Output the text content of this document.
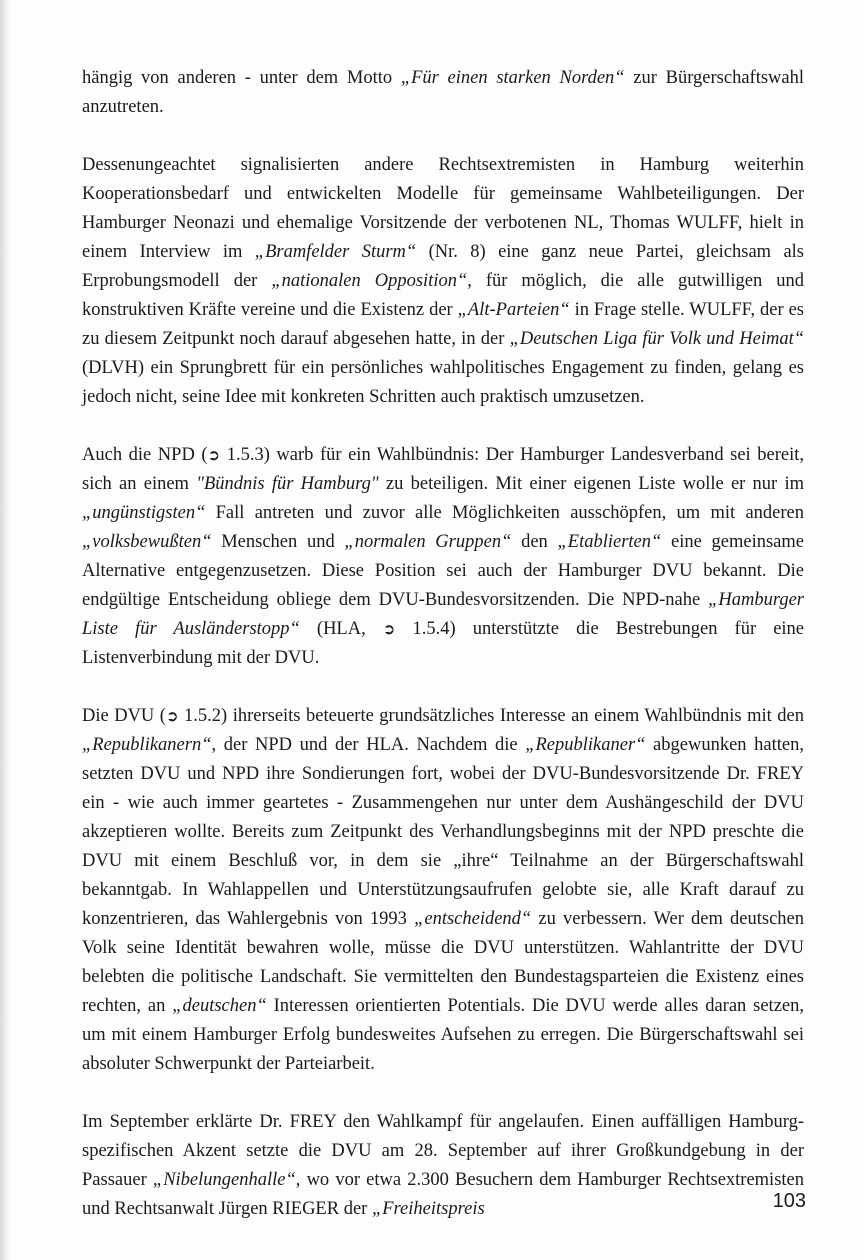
hängig von anderen - unter dem Motto „Für einen starken Norden“ zur Bürgerschaftswahl anzutreten.

Dessenungeachtet signalisierten andere Rechtsextremisten in Hamburg weiterhin Kooperationsbedarf und entwickelten Modelle für gemeinsame Wahlbeteiligungen. Der Hamburger Neonazi und ehemalige Vorsitzende der verbotenen NL, Thomas WULFF, hielt in einem Interview im „Bramfelder Sturm“ (Nr. 8) eine ganz neue Partei, gleichsam als Erprobungsmodell der „nationalen Opposition“, für möglich, die alle gutwilligen und konstruktiven Kräfte vereine und die Existenz der „Alt-Parteien“ in Frage stelle. WULFF, der es zu diesem Zeitpunkt noch darauf abgesehen hatte, in der „Deutschen Liga für Volk und Heimat“ (DLVH) ein Sprungbrett für ein persönliches wahlpolitisches Engagement zu finden, gelang es jedoch nicht, seine Idee mit konkreten Schritten auch praktisch umzusetzen.

Auch die NPD (➲ 1.5.3) warb für ein Wahlbündnis: Der Hamburger Landesverband sei bereit, sich an einem "Bündnis für Hamburg" zu beteiligen. Mit einer eigenen Liste wolle er nur im „ungünstigsten“ Fall antreten und zuvor alle Möglichkeiten ausschöpfen, um mit anderen „volksbewußten“ Menschen und „normalen Gruppen“ den „Etablierten“ eine gemeinsame Alternative entgegenzusetzen. Diese Position sei auch der Hamburger DVU bekannt. Die endgültige Entscheidung obliege dem DVU-Bundesvorsitzenden. Die NPD-nahe „Hamburger Liste für Ausländerstopp“ (HLA, ➲ 1.5.4) unterstützte die Bestrebungen für eine Listenverbindung mit der DVU.

Die DVU (➲ 1.5.2) ihrerseits beteuerte grundsätzliches Interesse an einem Wahlbündnis mit den „Republikanern“, der NPD und der HLA. Nachdem die „Republikaner“ abgewunken hatten, setzten DVU und NPD ihre Sondierungen fort, wobei der DVU-Bundesvorsitzende Dr. FREY ein - wie auch immer geartetes - Zusammengehen nur unter dem Aushängeschild der DVU akzeptieren wollte. Bereits zum Zeitpunkt des Verhandlungsbeginns mit der NPD preschte die DVU mit einem Beschluß vor, in dem sie „ihre“ Teilnahme an der Bürgerschaftswahl bekanntgab. In Wahlappellen und Unterstützungsaufrufen gelobte sie, alle Kraft darauf zu konzentrieren, das Wahlergebnis von 1993 „entscheidend“ zu verbessern. Wer dem deutschen Volk seine Identität bewahren wolle, müsse die DVU unterstützen. Wahlantritte der DVU belebten die politische Landschaft. Sie vermittelten den Bundestagsparteien die Existenz eines rechten, an „deutschen“ Interessen orientierten Potentials. Die DVU werde alles daran setzen, um mit einem Hamburger Erfolg bundesweites Aufsehen zu erregen. Die Bürgerschaftswahl sei absoluter Schwerpunkt der Parteiarbeit.

Im September erklärte Dr. FREY den Wahlkampf für angelaufen. Einen auffälligen Hamburg-spezifischen Akzent setzte die DVU am 28. September auf ihrer Großkundgebung in der Passauer „Nibelungenhalle“, wo vor etwa 2.300 Besuchern dem Hamburger Rechtsextremisten und Rechtsanwalt Jürgen RIEGER der „Freiheitspreis	103
